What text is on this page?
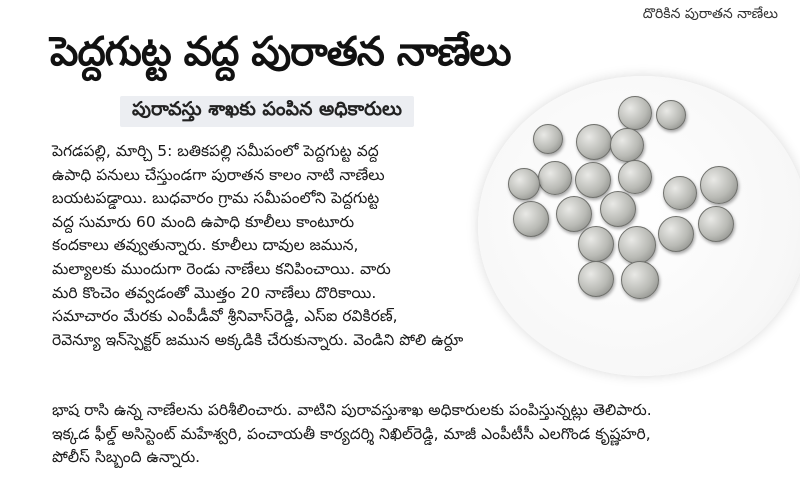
దొరికిన పురాతన నాణేలు
పెద్దగుట్ట వద్ద పురాతన నాణేలు
పురావస్తు శాఖకు పంపిన అధికారులు
పెగడపల్లి, మార్చి 5: బతికపల్లి సమీపంలో పెద్దగుట్ట వద్ద
ఉపాధి పనులు చేస్తుండగా పురాతన కాలం నాటి నాణేలు
బయటపడ్డాయి. బుధవారం గ్రామ సమీపంలోని పెద్దగుట్ట
వద్ద సుమారు 60 మంది ఉపాధి కూలీలు కాంటూరు
కందకాలు తవ్వుతున్నారు. కూలీలు దావుల జమున,
మల్యాలకు ముందుగా రెండు నాణేలు కనిపించాయి. వారు
మరి కొంచెం తవ్వడంతో మొత్తం 20 నాణేలు దొరికాయి.
సమాచారం మేరకు ఎంపీడీవో శ్రీనివాస్‌రెడ్డి, ఎస్ఐ రవికిరణ్,
రెవెన్యూ ఇన్‌స్పెక్టర్ జమున అక్కడికి చేరుకున్నారు. వెండిని పోలి ఉర్దూ
భాష రాసి ఉన్న నాణేలను పరిశీలించారు. వాటిని పురావస్తుశాఖ అధికారులకు పంపిస్తున్నట్లు తెలిపారు.
ఇక్కడ ఫీల్డ్ అసిస్టెంట్ మహేశ్వరి, పంచాయతీ కార్యదర్శి నిఖిల్‌రెడ్డి, మాజీ ఎంపీటీసీ ఎలగొండ కృష్ణహరి,
పోలీస్ సిబ్బంది ఉన్నారు.
